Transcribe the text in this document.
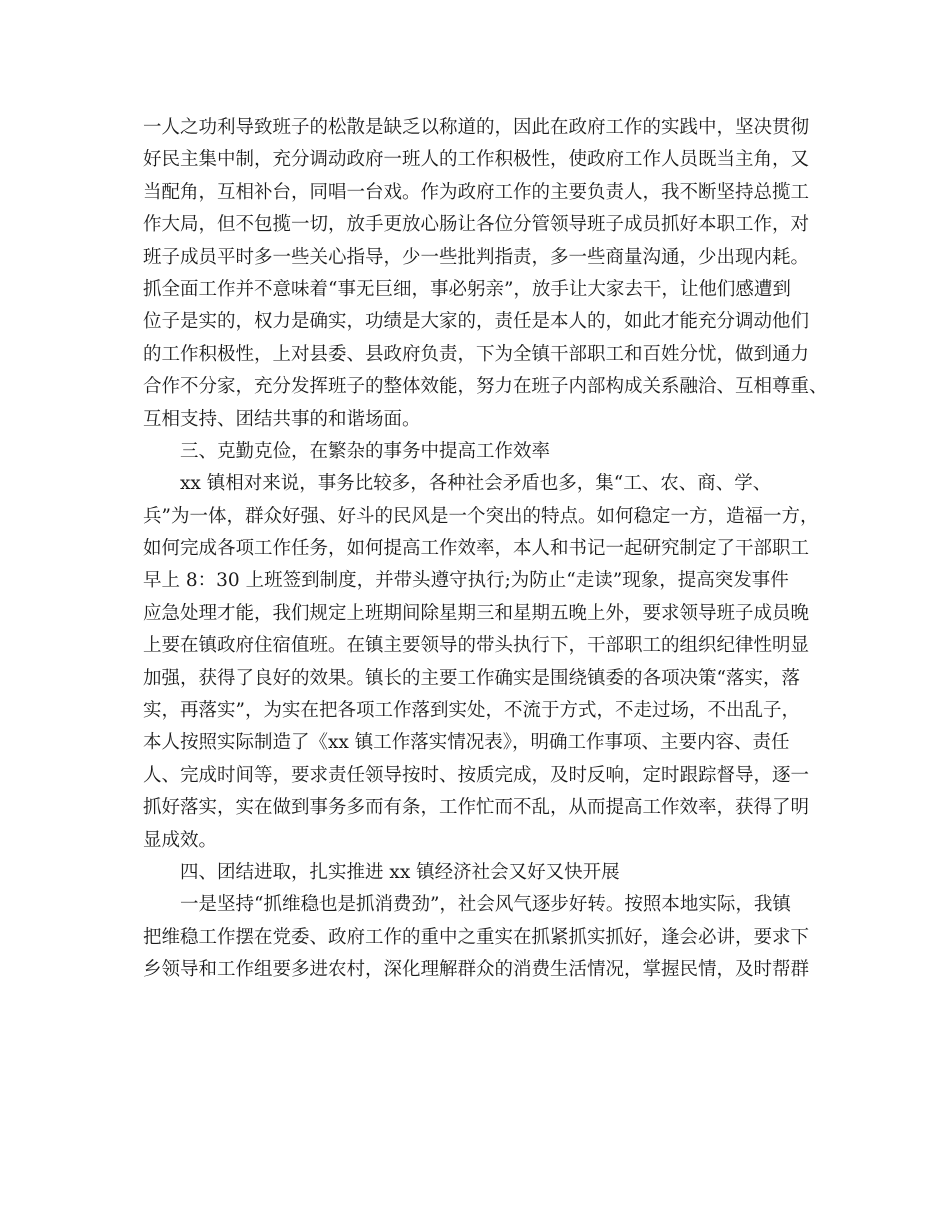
一人之功利导致班子的松散是缺乏以称道的，因此在政府工作的实践中，坚决贯彻
好民主集中制，充分调动政府一班人的工作积极性，使政府工作人员既当主角，又
当配角，互相补台，同唱一台戏。作为政府工作的主要负责人，我不断坚持总揽工
作大局，但不包揽一切，放手更放心肠让各位分管领导班子成员抓好本职工作，对
班子成员平时多一些关心指导，少一些批判指责，多一些商量沟通，少出现内耗。
抓全面工作并不意味着“事无巨细，事必躬亲”，放手让大家去干，让他们感遭到
位子是实的，权力是确实，功绩是大家的，责任是本人的，如此才能充分调动他们
的工作积极性，上对县委、县政府负责，下为全镇干部职工和百姓分忧，做到通力
合作不分家，充分发挥班子的整体效能，努力在班子内部构成关系融洽、互相尊重、
互相支持、团结共事的和谐场面。
　　三、克勤克俭，在繁杂的事务中提高工作效率
　　xx 镇相对来说，事务比较多，各种社会矛盾也多，集“工、农、商、学、
兵”为一体，群众好强、好斗的民风是一个突出的特点。如何稳定一方，造福一方，
如何完成各项工作任务，如何提高工作效率，本人和书记一起研究制定了干部职工
早上 8：30 上班签到制度，并带头遵守执行;为防止“走读”现象，提高突发事件
应急处理才能，我们规定上班期间除星期三和星期五晚上外，要求领导班子成员晚
上要在镇政府住宿值班。在镇主要领导的带头执行下，干部职工的组织纪律性明显
加强，获得了良好的效果。镇长的主要工作确实是围绕镇委的各项决策“落实，落
实，再落实”，为实在把各项工作落到实处，不流于方式，不走过场，不出乱子，
本人按照实际制造了《xx 镇工作落实情况表》，明确工作事项、主要内容、责任
人、完成时间等，要求责任领导按时、按质完成，及时反响，定时跟踪督导，逐一
抓好落实，实在做到事务多而有条，工作忙而不乱，从而提高工作效率，获得了明
显成效。
　　四、团结进取，扎实推进 xx 镇经济社会又好又快开展
　　一是坚持“抓维稳也是抓消费劲”，社会风气逐步好转。按照本地实际，我镇
把维稳工作摆在党委、政府工作的重中之重实在抓紧抓实抓好，逢会必讲，要求下
乡领导和工作组要多进农村，深化理解群众的消费生活情况，掌握民情，及时帮群
